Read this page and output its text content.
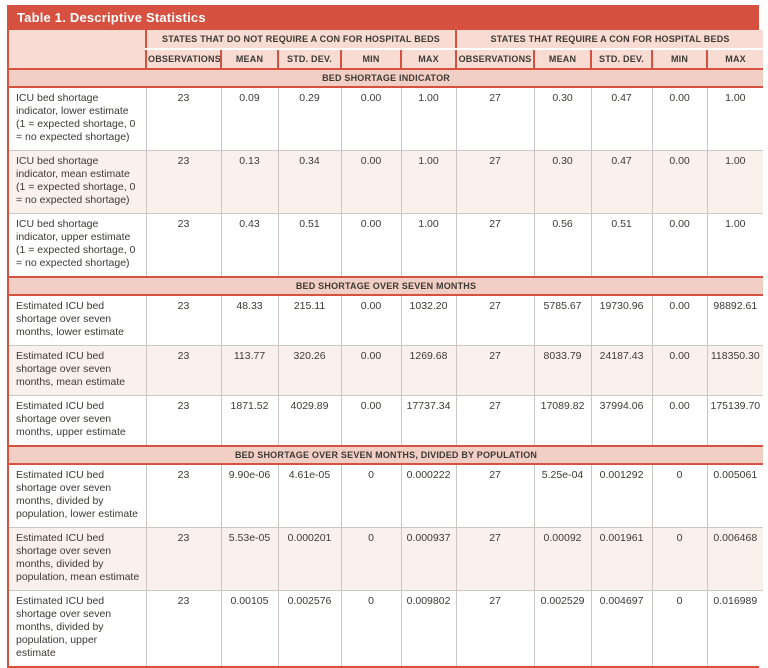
Table 1. Descriptive Statistics
	STATES THAT DO NOT REQUIRE A CON FOR HOSPITAL BEDS					STATES THAT REQUIRE A CON FOR HOSPITAL BEDS				
	OBSERVATIONS	MEAN	STD. DEV.	MIN	MAX	OBSERVATIONS	MEAN	STD. DEV.	MIN	MAX
BED SHORTAGE INDICATOR										
ICU bed shortage indicator, lower estimate (1 = expected shortage, 0 = no expected shortage)	23	0.09	0.29	0.00	1.00	27	0.30	0.47	0.00	1.00
ICU bed shortage indicator, mean estimate (1 = expected shortage, 0 = no expected shortage)	23	0.13	0.34	0.00	1.00	27	0.30	0.47	0.00	1.00
ICU bed shortage indicator, upper estimate (1 = expected shortage, 0 = no expected shortage)	23	0.43	0.51	0.00	1.00	27	0.56	0.51	0.00	1.00
BED SHORTAGE OVER SEVEN MONTHS										
Estimated ICU bed shortage over seven months, lower estimate	23	48.33	215.11	0.00	1032.20	27	5785.67	19730.96	0.00	98892.61
Estimated ICU bed shortage over seven months, mean estimate	23	113.77	320.26	0.00	1269.68	27	8033.79	24187.43	0.00	118350.30
Estimated ICU bed shortage over seven months, upper estimate	23	1871.52	4029.89	0.00	17737.34	27	17089.82	37994.06	0.00	175139.70
BED SHORTAGE OVER SEVEN MONTHS, DIVIDED BY POPULATION										
Estimated ICU bed shortage over seven months, divided by population, lower estimate	23	9.90e-06	4.61e-05	0	0.000222	27	5.25e-04	0.001292	0	0.005061
Estimated ICU bed shortage over seven months, divided by population, mean estimate	23	5.53e-05	0.000201	0	0.000937	27	0.00092	0.001961	0	0.006468
Estimated ICU bed shortage over seven months, divided by population, upper estimate	23	0.00105	0.002576	0	0.009802	27	0.002529	0.004697	0	0.016989
